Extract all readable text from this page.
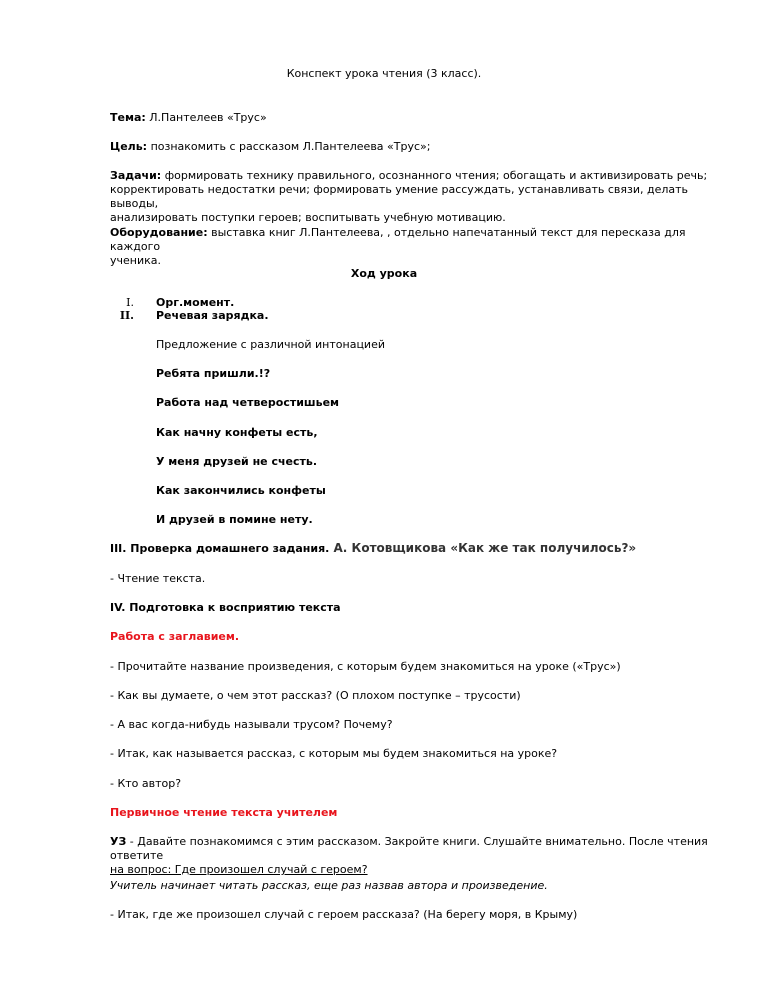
Конспект урока чтения (3 класс).
Тема: Л.Пантелеев «Трус»
Цель: познакомить с рассказом Л.Пантелеева «Трус»;
Задачи: формировать технику правильного, осознанного чтения; обогащать и активизировать речь;
корректировать недостатки речи; формировать умение рассуждать, устанавливать связи, делать выводы,
анализировать поступки героев; воспитывать учебную мотивацию.
Оборудование: выставка книг Л.Пантелеева, , отдельно напечатанный текст для пересказа для каждого
ученика.
Ход урока
I. Орг.момент.
II. Речевая зарядка.
Предложение с различной интонацией
Ребята пришли.!?
Работа над четверостишьем
Как начну конфеты есть,
У меня друзей не счесть.
Как закончились конфеты
И друзей в помине нету.
III. Проверка домашнего задания. А. Котовщикова «Как же так получилось?»
- Чтение текста.
IV. Подготовка к восприятию текста
Работа с заглавием.
- Прочитайте название произведения, с которым будем знакомиться на уроке («Трус»)
- Как вы думаете, о чем этот рассказ? (О плохом поступке – трусости)
- А вас когда-нибудь называли трусом? Почему?
- Итак, как называется рассказ, с которым мы будем знакомиться на уроке?
- Кто автор?
Первичное чтение текста учителем
УЗ - Давайте познакомимся с этим рассказом. Закройте книги. Слушайте внимательно. После чтения ответите
на вопрос: Где произошел случай с героем?
Учитель начинает читать рассказ, еще раз назвав автора и произведение.
- Итак, где же произошел случай с героем рассказа? (На берегу моря, в Крыму)
